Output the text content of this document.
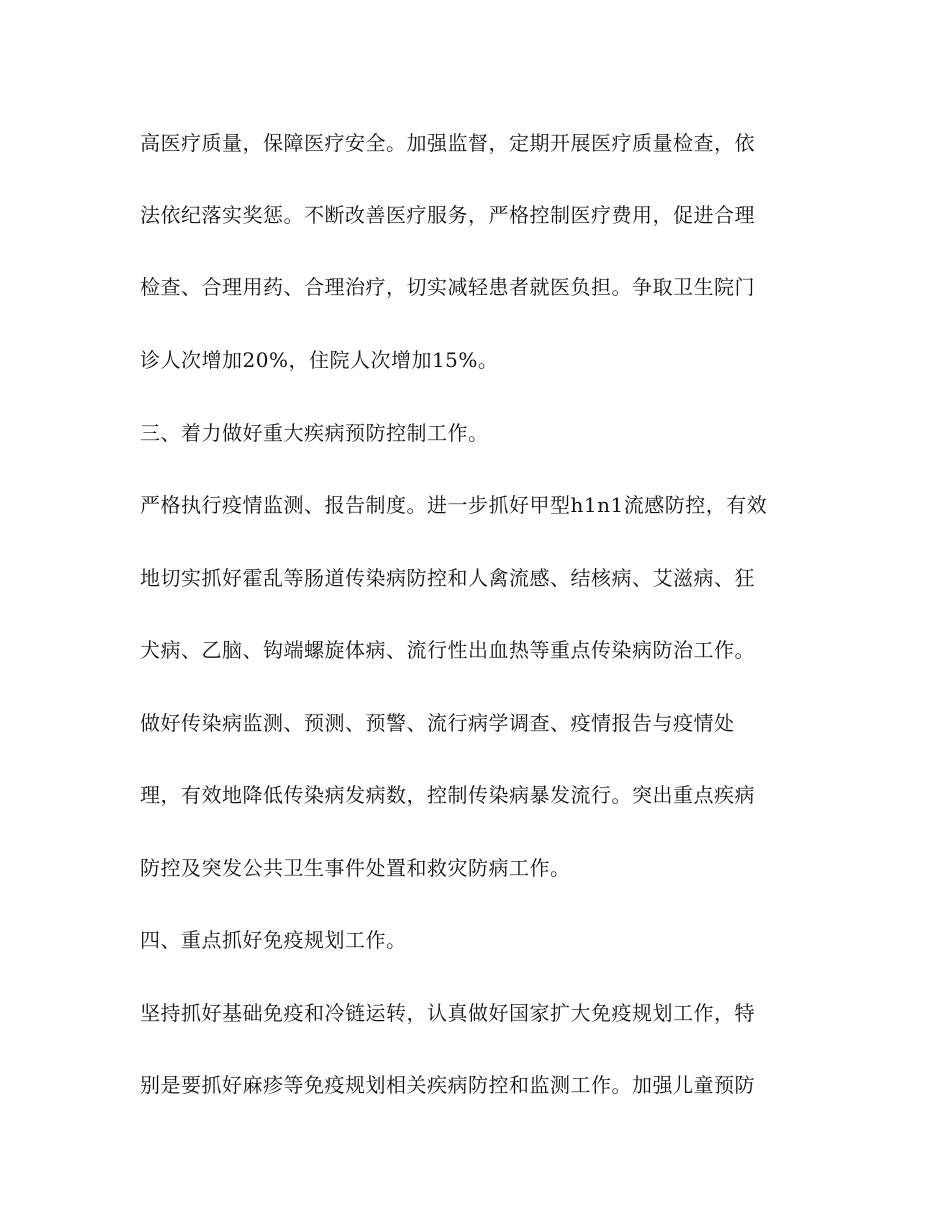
高医疗质量，保障医疗安全。加强监督，定期开展医疗质量检查，依
法依纪落实奖惩。不断改善医疗服务，严格控制医疗费用，促进合理
检查、合理用药、合理治疗，切实减轻患者就医负担。争取卫生院门
诊人次增加20%，住院人次增加15%。
三、着力做好重大疾病预防控制工作。
严格执行疫情监测、报告制度。进一步抓好甲型h1n1流感防控，有效
地切实抓好霍乱等肠道传染病防控和人禽流感、结核病、艾滋病、狂
犬病、乙脑、钩端螺旋体病、流行性出血热等重点传染病防治工作。
做好传染病监测、预测、预警、流行病学调查、疫情报告与疫情处
理，有效地降低传染病发病数，控制传染病暴发流行。突出重点疾病
防控及突发公共卫生事件处置和救灾防病工作。
四、重点抓好免疫规划工作。
坚持抓好基础免疫和冷链运转，认真做好国家扩大免疫规划工作，特
别是要抓好麻疹等免疫规划相关疾病防控和监测工作。加强儿童预防
